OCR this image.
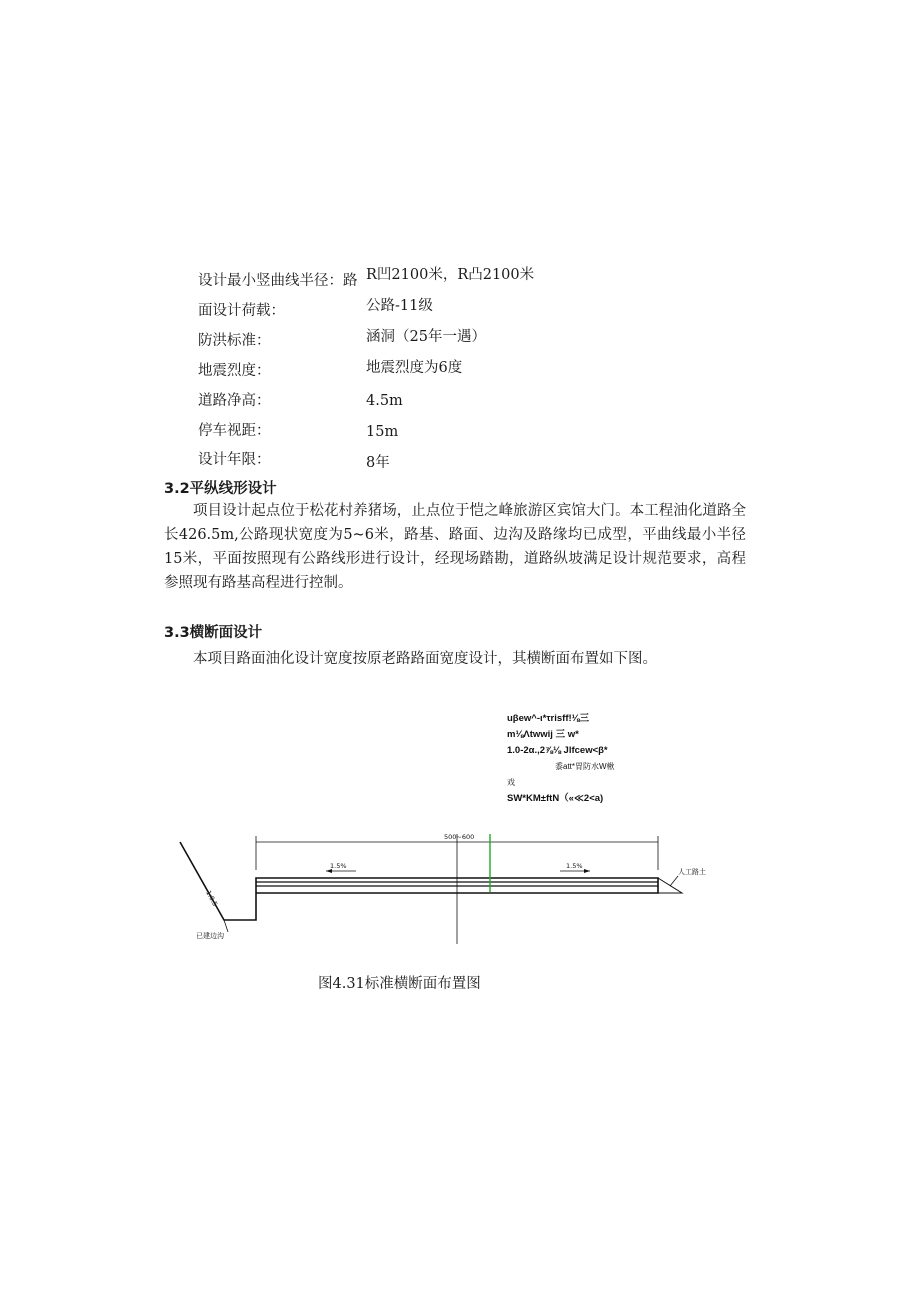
设计最小竖曲线半径：路 R凹2100米，R凸2100米
面设计荷载：	公路-11级
防洪标准：	涵洞（25年一遇）
地震烈度：	地震烈度为6度
道路净高：	4.5m
停车视距：	15m
设计年限：	8年
3.2平纵线形设计

项目设计起点位于松花村养猪场，止点位于恺之峰旅游区宾馆大门。本工程油化道路全长426.5m,公路现状宽度为5~6米，路基、路面、边沟及路缘均已成型，平曲线最小半径15米，平面按照现有公路线形进行设计，经现场踏勘，道路纵坡满足设计规范要求，高程参照现有路基高程进行控制。

3.3横断面设计

本项目路面油化设计宽度按原老路路面宽度设计，其横断面布置如下图。

uβew^-ι*τrisff!⅛三
m⅛Λtwwij 三 w*
1.0-2α.,2⅞⅛ Jlfcew<β*
黍att*胃防水W楸
戏
SW*KM±ftN（«≪2<a)
500~600
1.5%	1.5%
1:0.5
已建边沟
人工路土
图4.31标准横断面布置图
